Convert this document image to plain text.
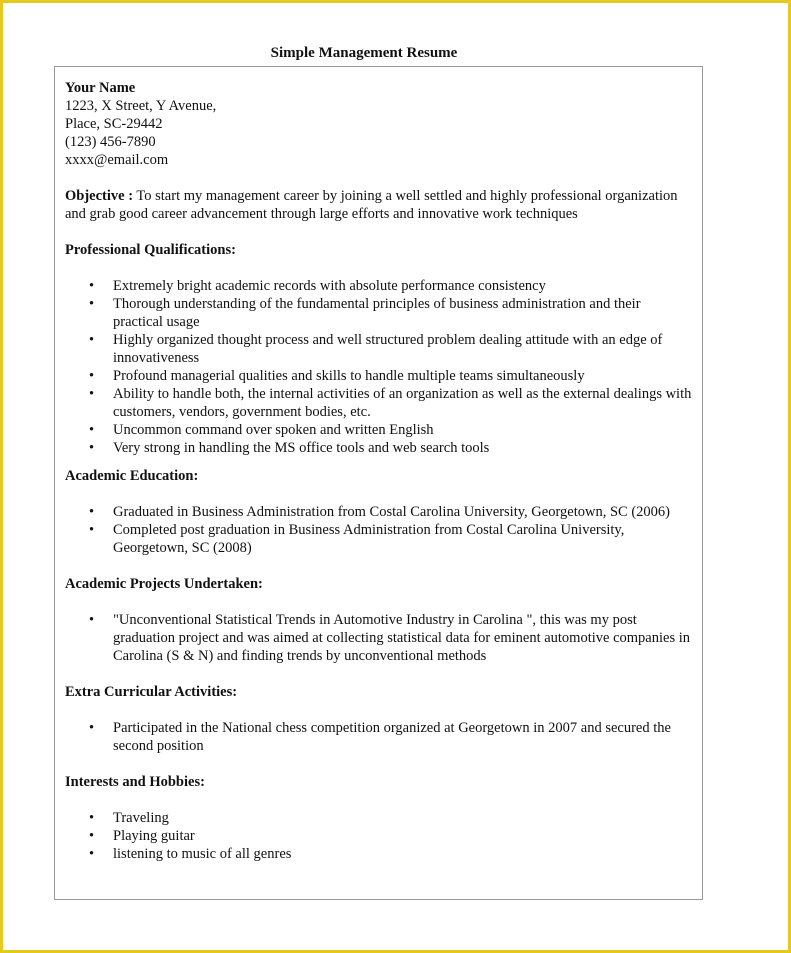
Simple Management Resume
Your Name
1223, X Street, Y Avenue,
Place, SC-29442
(123) 456-7890
xxxx@email.com
Objective : To start my management career by joining a well settled and highly professional organization and grab good career advancement through large efforts and innovative work techniques
Professional Qualifications:
• Extremely bright academic records with absolute performance consistency
• Thorough understanding of the fundamental principles of business administration and their practical usage
• Highly organized thought process and well structured problem dealing attitude with an edge of innovativeness
• Profound managerial qualities and skills to handle multiple teams simultaneously
• Ability to handle both, the internal activities of an organization as well as the external dealings with customers, vendors, government bodies, etc.
• Uncommon command over spoken and written English
• Very strong in handling the MS office tools and web search tools
Academic Education:
• Graduated in Business Administration from Costal Carolina University, Georgetown, SC (2006)
• Completed post graduation in Business Administration from Costal Carolina University, Georgetown, SC (2008)
Academic Projects Undertaken:
• "Unconventional Statistical Trends in Automotive Industry in Carolina ", this was my post graduation project and was aimed at collecting statistical data for eminent automotive companies in Carolina (S & N) and finding trends by unconventional methods
Extra Curricular Activities:
• Participated in the National chess competition organized at Georgetown in 2007 and secured the second position
Interests and Hobbies:
• Traveling
• Playing guitar
• listening to music of all genres
